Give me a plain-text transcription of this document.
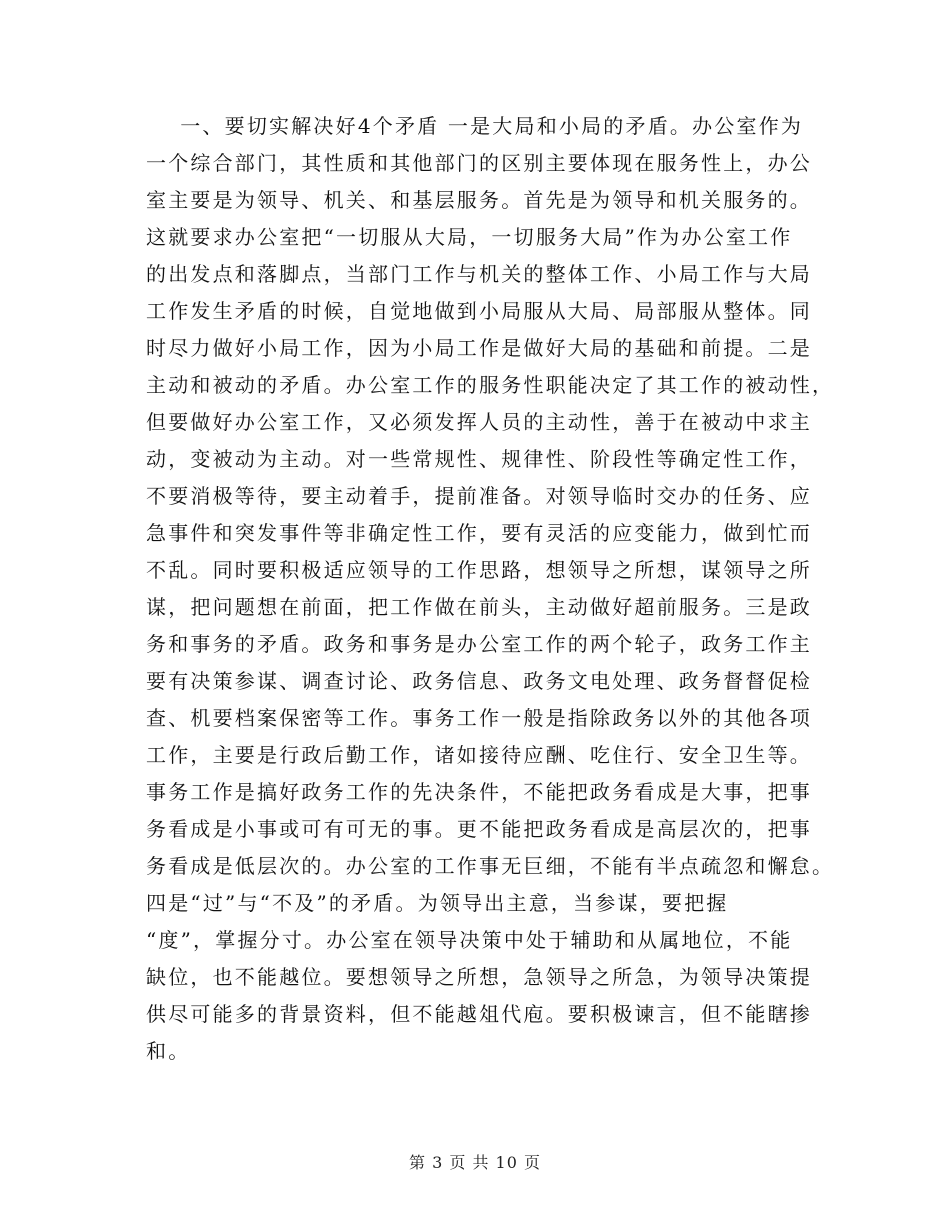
一、要切实解决好4个矛盾 一是大局和小局的矛盾。办公室作为
一个综合部门，其性质和其他部门的区别主要体现在服务性上，办公
室主要是为领导、机关、和基层服务。首先是为领导和机关服务的。
这就要求办公室把“一切服从大局，一切服务大局”作为办公室工作
的出发点和落脚点，当部门工作与机关的整体工作、小局工作与大局
工作发生矛盾的时候，自觉地做到小局服从大局、局部服从整体。同
时尽力做好小局工作，因为小局工作是做好大局的基础和前提。二是
主动和被动的矛盾。办公室工作的服务性职能决定了其工作的被动性，
但要做好办公室工作，又必须发挥人员的主动性，善于在被动中求主
动，变被动为主动。对一些常规性、规律性、阶段性等确定性工作，
不要消极等待，要主动着手，提前准备。对领导临时交办的任务、应
急事件和突发事件等非确定性工作，要有灵活的应变能力，做到忙而
不乱。同时要积极适应领导的工作思路，想领导之所想，谋领导之所
谋，把问题想在前面，把工作做在前头，主动做好超前服务。三是政
务和事务的矛盾。政务和事务是办公室工作的两个轮子，政务工作主
要有决策参谋、调查讨论、政务信息、政务文电处理、政务督督促检
查、机要档案保密等工作。事务工作一般是指除政务以外的其他各项
工作，主要是行政后勤工作，诸如接待应酬、吃住行、安全卫生等。
事务工作是搞好政务工作的先决条件，不能把政务看成是大事，把事
务看成是小事或可有可无的事。更不能把政务看成是高层次的，把事
务看成是低层次的。办公室的工作事无巨细，不能有半点疏忽和懈怠。
四是“过”与“不及”的矛盾。为领导出主意，当参谋，要把握
“度”，掌握分寸。办公室在领导决策中处于辅助和从属地位，不能
缺位，也不能越位。要想领导之所想，急领导之所急，为领导决策提
供尽可能多的背景资料，但不能越俎代庖。要积极谏言，但不能瞎掺
和。
第 3 页 共 10 页
